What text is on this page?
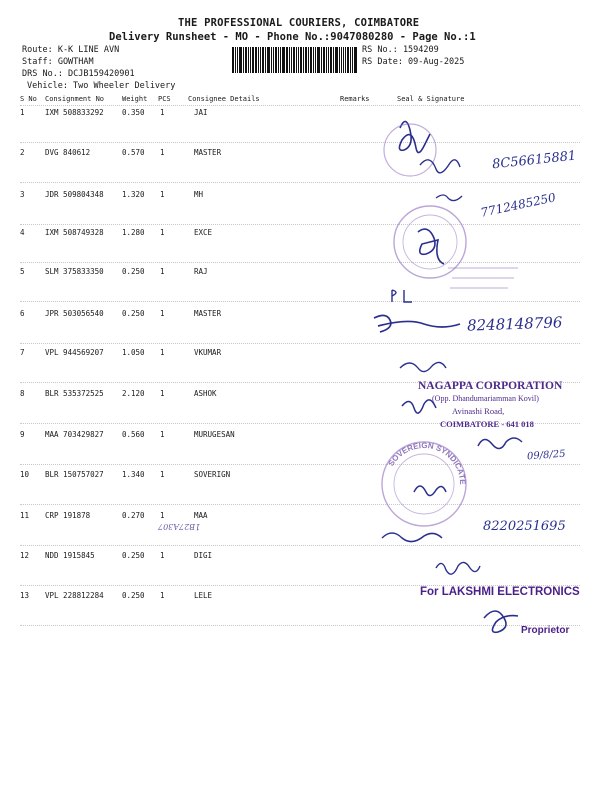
THE PROFESSIONAL COURIERS, COIMBATORE
Delivery Runsheet - MO - Phone No.:9047080280 - Page No.:1
Route: K-K LINE AVN
Staff: GOWTHAM
DRS No.: DCJB159420901
Vehicle: Two Wheeler Delivery
RS No.: 1594209
RS Date: 09-Aug-2025
S No Consignment No	Weight PCS Consignee Details	Remarks	Seal & Signature
1	IXM 508833292 0.350 1	JAI
2	DVG 840612	0.570 1	MASTER
3	JDR 509804348 1.320 1	MH
4	IXM 508749328 1.280 1	EXCE
5	SLM 375833350 0.250 1	RAJ
6	JPR 503056540 0.250 1	MASTER
7	VPL 944569207 1.050 1	VKUMAR
8	BLR 535372525 2.120 1	ASHOK
9	MAA 703429827 0.560 1	MURUGESAN
10 BLR 150757027 1.340 1	SOVERIGN
11 CRP 191878	0.270 1	MAA
12 NDD 1915845	0.250 1	DIGI
13 VPL 228812284 0.250 1	LELE
8C56615881
7712485250
8248148796
09/8/25
8220251695
1B27A307
NAGAPPA CORPORATION
(Opp. Dhandumariamman Kovil)
Avinashi Road,
COIMBATORE - 641 018
SOVEREIGN SYNDICATE
For LAKSHMI ELECTRONICS
Proprietor
